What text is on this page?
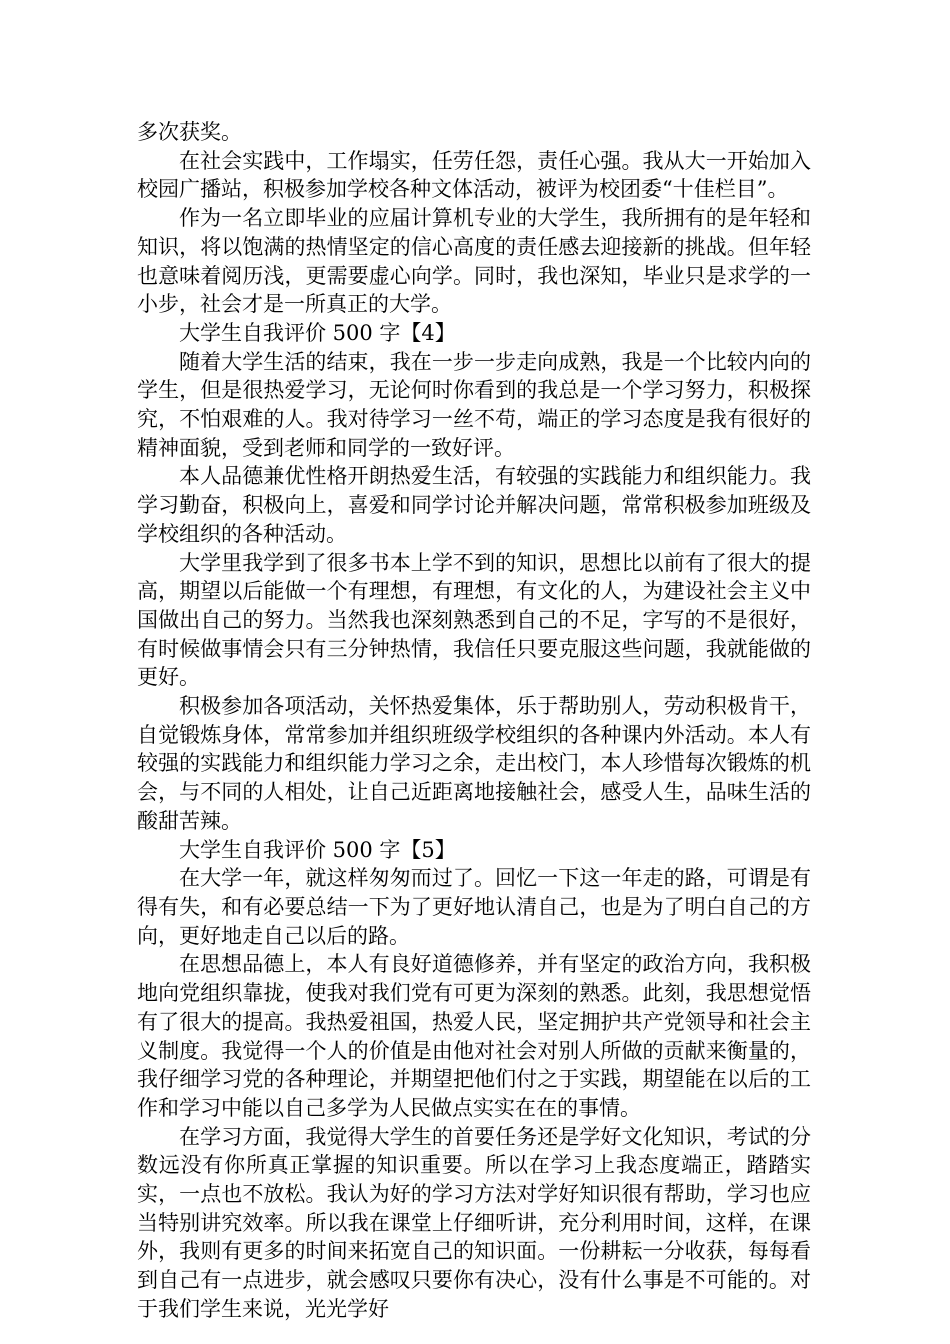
多次获奖。

在社会实践中，工作塌实，任劳任怨，责任心强。我从大一开始加入校园广播站，积极参加学校各种文体活动，被评为校团委“十佳栏目”。

作为一名立即毕业的应届计算机专业的大学生，我所拥有的是年轻和知识，将以饱满的热情坚定的信心高度的责任感去迎接新的挑战。但年轻也意味着阅历浅，更需要虚心向学。同时，我也深知，毕业只是求学的一小步，社会才是一所真正的大学。

大学生自我评价 500 字【4】

随着大学生活的结束，我在一步一步走向成熟，我是一个比较内向的学生，但是很热爱学习，无论何时你看到的我总是一个学习努力，积极探究，不怕艰难的人。我对待学习一丝不苟，端正的学习态度是我有很好的精神面貌，受到老师和同学的一致好评。

本人品德兼优性格开朗热爱生活，有较强的实践能力和组织能力。我学习勤奋，积极向上，喜爱和同学讨论并解决问题，常常积极参加班级及学校组织的各种活动。

大学里我学到了很多书本上学不到的知识，思想比以前有了很大的提高，期望以后能做一个有理想，有理想，有文化的人，为建设社会主义中国做出自己的努力。当然我也深刻熟悉到自己的不足，字写的不是很好，有时候做事情会只有三分钟热情，我信任只要克服这些问题，我就能做的更好。

积极参加各项活动，关怀热爱集体，乐于帮助别人，劳动积极肯干，自觉锻炼身体，常常参加并组织班级学校组织的各种课内外活动。本人有较强的实践能力和组织能力学习之余，走出校门，本人珍惜每次锻炼的机会，与不同的人相处，让自己近距离地接触社会，感受人生，品味生活的酸甜苦辣。

大学生自我评价 500 字【5】

在大学一年，就这样匆匆而过了。回忆一下这一年走的路，可谓是有得有失，和有必要总结一下为了更好地认清自己，也是为了明白自己的方向，更好地走自己以后的路。

在思想品德上，本人有良好道德修养，并有坚定的政治方向，我积极地向党组织靠拢，使我对我们党有可更为深刻的熟悉。此刻，我思想觉悟有了很大的提高。我热爱祖国，热爱人民，坚定拥护共产党领导和社会主义制度。我觉得一个人的价值是由他对社会对别人所做的贡献来衡量的，我仔细学习党的各种理论，并期望把他们付之于实践，期望能在以后的工作和学习中能以自己多学为人民做点实实在在的事情。

在学习方面，我觉得大学生的首要任务还是学好文化知识，考试的分数远没有你所真正掌握的知识重要。所以在学习上我态度端正，踏踏实实，一点也不放松。我认为好的学习方法对学好知识很有帮助，学习也应当特别讲究效率。所以我在课堂上仔细听讲，充分利用时间，这样，在课外，我则有更多的时间来拓宽自己的知识面。一份耕耘一分收获，每每看到自己有一点进步，就会感叹只要你有决心，没有什么事是不可能的。对于我们学生来说，光光学好
